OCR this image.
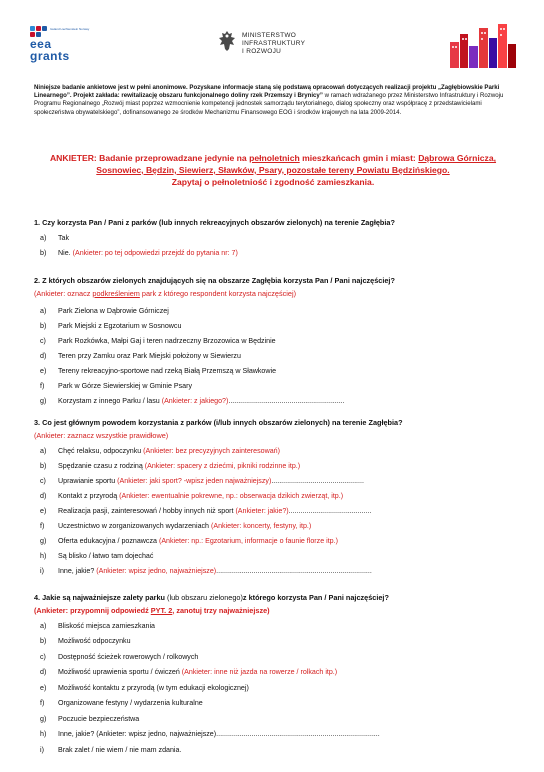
Iceland Liechtenstein Norway
eea
grants
MINISTERSTWO
INFRASTRUKTURY
I ROZWOJU
Niniejsze badanie ankietowe jest w pełni anonimowe. Pozyskane informacje staną się podstawą opracowań dotyczących realizacji projektu „Zagłębiowskie Parki Linearnego”. Projekt zakłada: rewitalizację obszaru funkcjonalnego doliny rzek Przemszy i Brynicy” w ramach wdrażanego przez Ministerstwo Infrastruktury i Rozwoju Programu Regionalnego „Rozwój miast poprzez wzmocnienie kompetencji jednostek samorządu terytorialnego, dialog społeczny oraz współpracę z przedstawicielami społeczeństwa obywatelskiego”, dofinansowanego ze środków Mechanizmu Finansowego EOG i środków krajowych na lata 2009-2014.
ANKIETER: Badanie przeprowadzane jedynie na pełnoletnich mieszkańcach gmin i miast: Dąbrowa Górnicza, Sosnowiec, Będzin, Siewierz, Sławków, Psary, pozostałe tereny Powiatu Będzińskiego.
Zapytaj o pełnoletniość i zgodność zamieszkania.
1. Czy korzysta Pan / Pani z parków (lub innych rekreacyjnych obszarów zielonych) na terenie Zagłębia?
a) Tak
b) Nie. (Ankieter: po tej odpowiedzi przejdź do pytania nr: 7)
2. Z których obszarów zielonych znajdujących się na obszarze Zagłębia korzysta Pan / Pani najczęściej?
(Ankieter: oznacz podkreśleniem park z którego respondent korzysta najczęściej)
a) Park Zielona w Dąbrowie Górniczej
b) Park Miejski z Egzotarium w Sosnowcu
c) Park Rozkówka, Małpi Gaj i teren nadrzeczny Brzozowica w Będzinie
d) Teren przy Zamku oraz Park Miejski położony w Siewierzu
e) Tereny rekreacyjno-sportowe nad rzeką Białą Przemszą w Sławkowie
f) Park w Górze Siewierskiej w Gminie Psary
g) Korzystam z innego Parku / lasu (Ankieter: z jakiego?)...........................................................
3. Co jest głównym powodem korzystania z parków (i/lub innych obszarów zielonych) na terenie Zagłębia?
(Ankieter: zaznacz wszystkie prawidłowe)
a) Chęć relaksu, odpoczynku (Ankieter: bez precyzyjnych zainteresowań)
b) Spędzanie czasu z rodziną (Ankieter: spacery z dziećmi, pikniki rodzinne itp.)
c) Uprawianie sportu (Ankieter: jaki sport? -wpisz jeden najważniejszy)...............................................
d) Kontakt z przyrodą (Ankieter: ewentualnie pokrewne, np.: obserwacja dzikich zwierząt, itp.)
e) Realizacja pasji, zainteresowań / hobby innych niż sport (Ankieter: jakie?)..........................................
f) Uczestnictwo w zorganizowanych wydarzeniach (Ankieter: koncerty, festyny, itp.)
g) Oferta edukacyjna / poznawcza (Ankieter: np.: Egzotarium, informacje o faunie florze itp.)
h) Są blisko / łatwo tam dojechać
i) Inne, jakie? (Ankieter: wpisz jedno, najważniejsze)...............................................................................
4. Jakie są najważniejsze zalety parku (lub obszaru zielonego)z którego korzysta Pan / Pani najczęściej?
(Ankieter: przypomnij odpowiedź PYT. 2, zanotuj trzy najważniejsze)
a) Bliskość miejsca zamieszkania
b) Możliwość odpoczynku
c) Dostępność ścieżek rowerowych / rolkowych
d) Możliwość uprawienia sportu / ćwiczeń (Ankieter: inne niż jazda na rowerze / rolkach itp.)
e) Możliwość kontaktu z przyrodą (w tym edukacji ekologicznej)
f) Organizowane festyny / wydarzenia kulturalne
g) Poczucie bezpieczeństwa
h) Inne, jakie? (Ankieter: wpisz jedno, najważniejsze)...................................................................................
i) Brak zalet / nie wiem / nie mam zdania.
